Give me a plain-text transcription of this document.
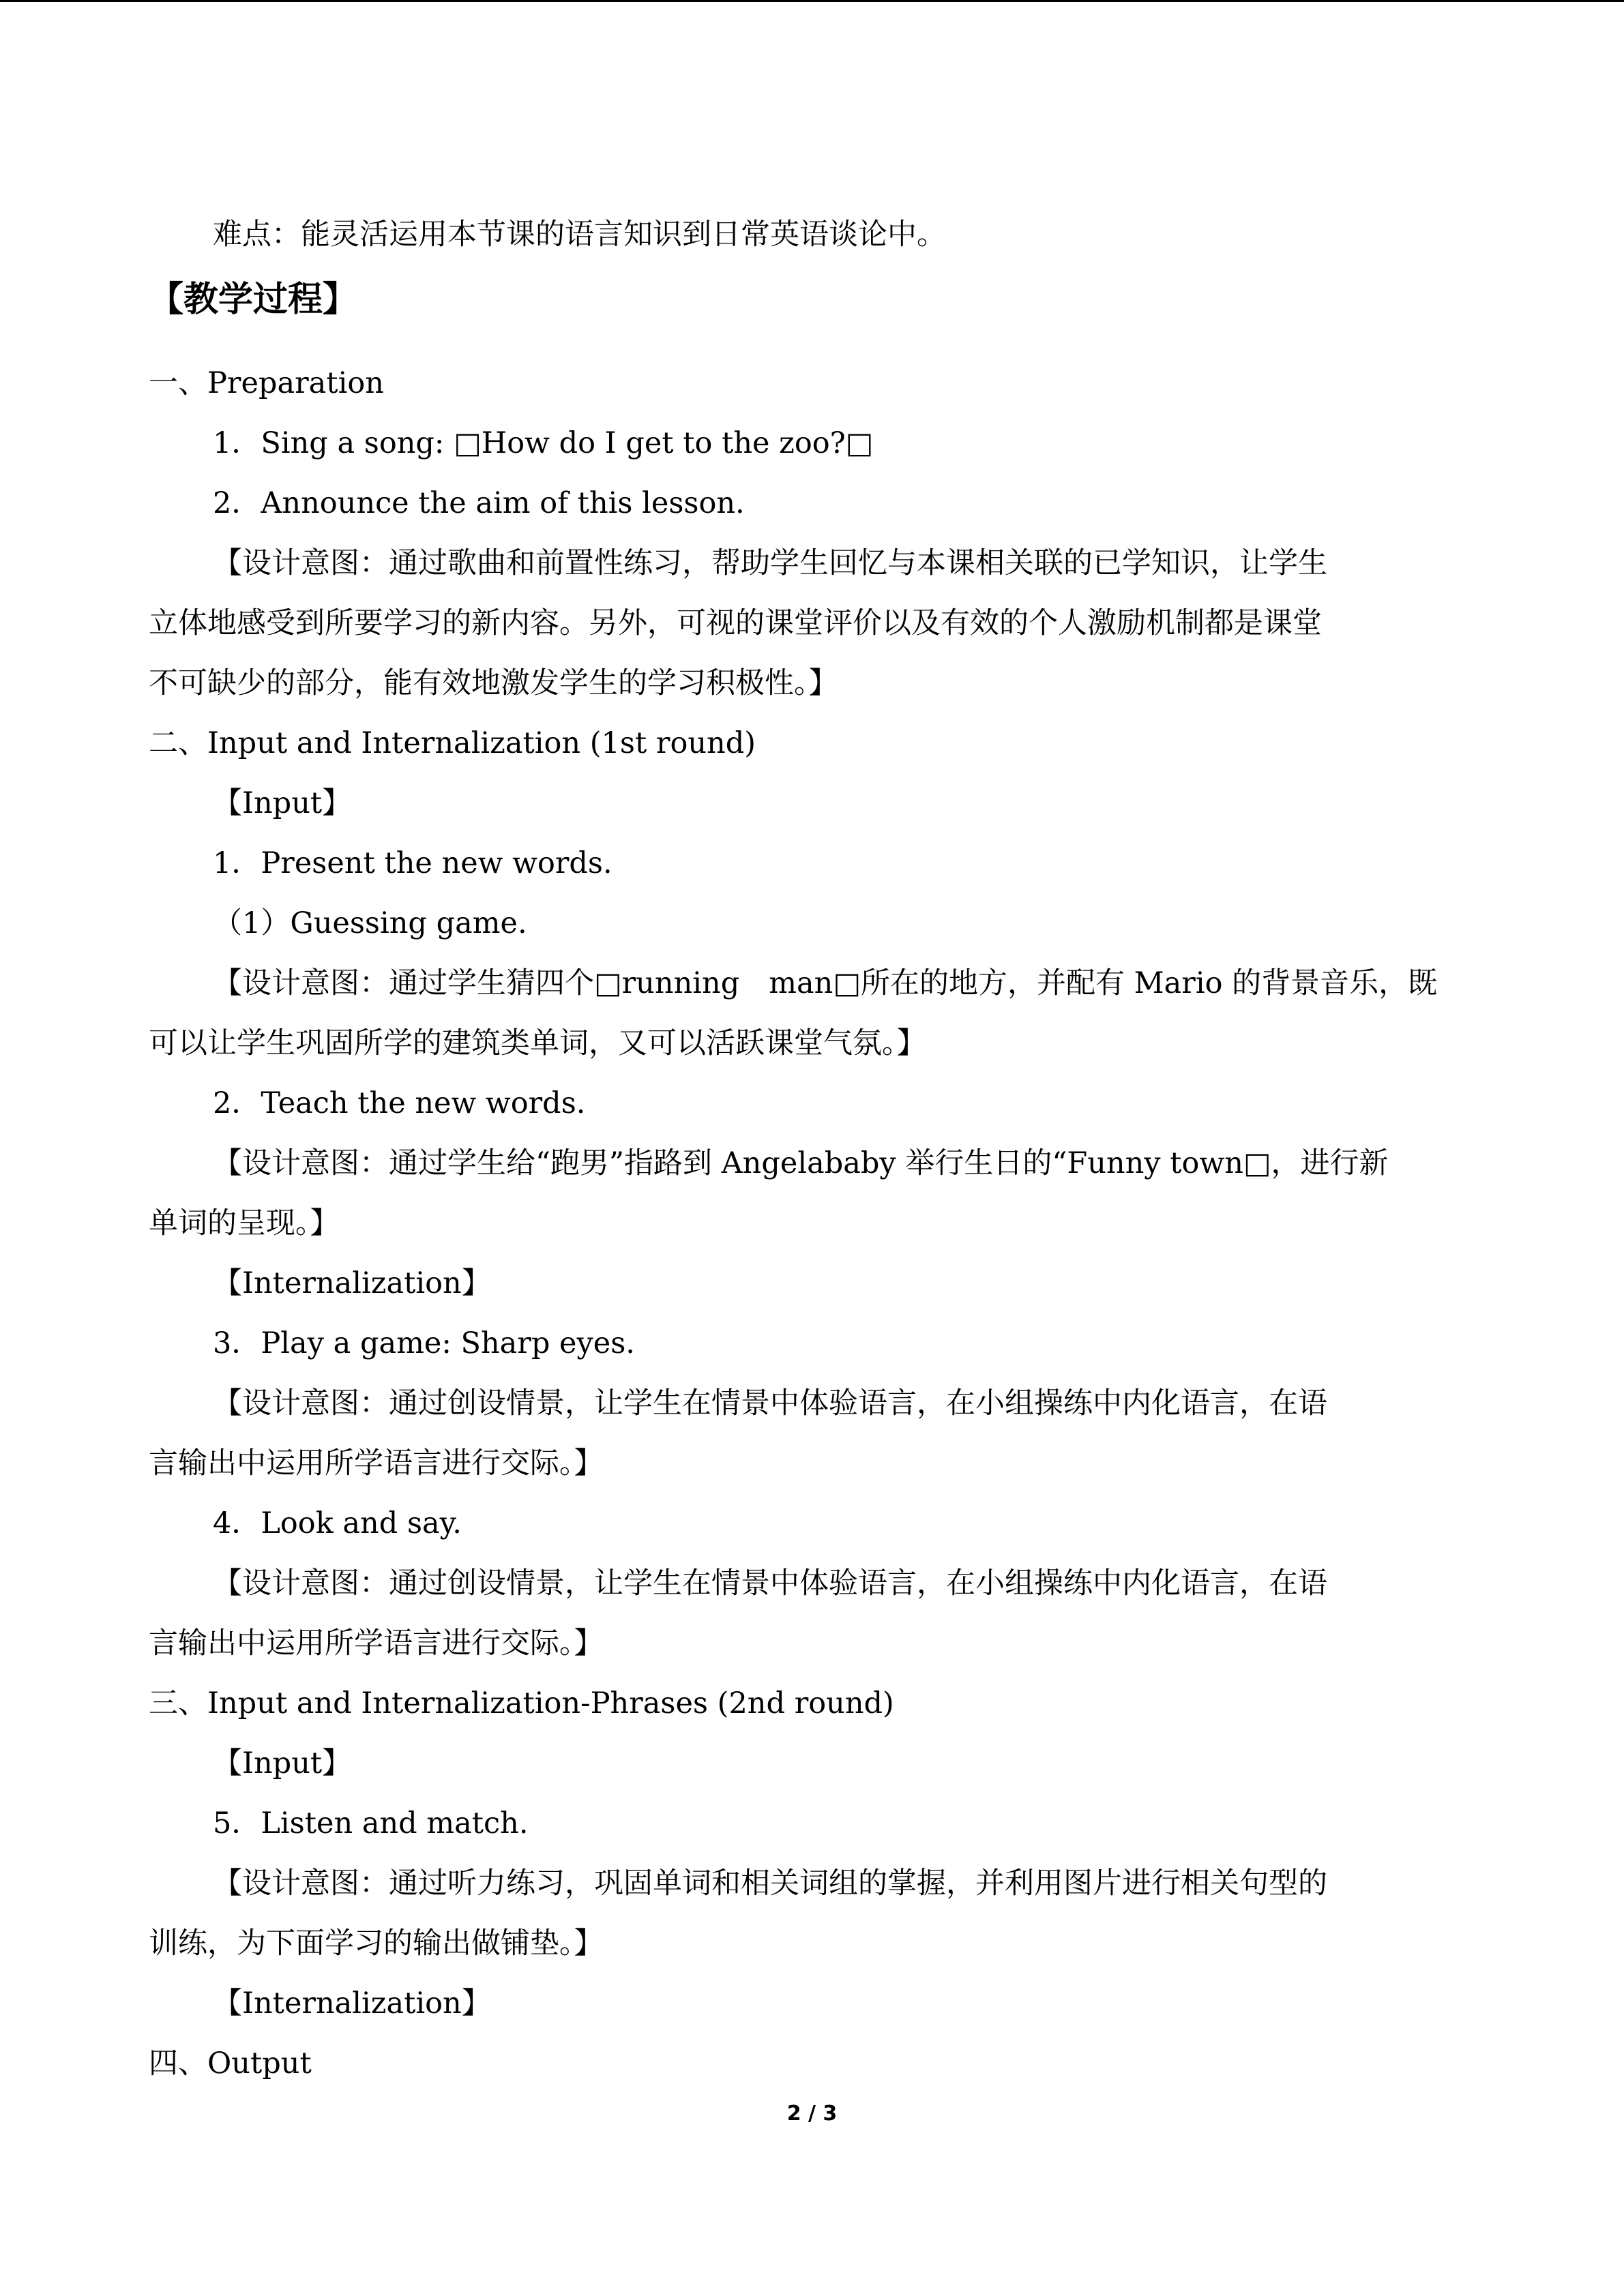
难点：能灵活运用本节课的语言知识到日常英语谈论中。
【教学过程】
一、Preparation
1．Sing a song: □How do I get to the zoo?□
2．Announce the aim of this lesson.
【设计意图：通过歌曲和前置性练习，帮助学生回忆与本课相关联的已学知识，让学生
立体地感受到所要学习的新内容。另外，可视的课堂评价以及有效的个人激励机制都是课堂
不可缺少的部分，能有效地激发学生的学习积极性。】
二、Input and Internalization (1st round)
【Input】
1．Present the new words.
（1）Guessing game.
【设计意图：通过学生猜四个□running　man□所在的地方，并配有 Mario 的背景音乐，既
可以让学生巩固所学的建筑类单词，又可以活跃课堂气氛。】
2．Teach the new words.
【设计意图：通过学生给“跑男”指路到 Angelababy 举行生日的“Funny town□，进行新
单词的呈现。】
【Internalization】
3．Play a game: Sharp eyes.
【设计意图：通过创设情景，让学生在情景中体验语言，在小组操练中内化语言，在语
言输出中运用所学语言进行交际。】
4．Look and say.
【设计意图：通过创设情景，让学生在情景中体验语言，在小组操练中内化语言，在语
言输出中运用所学语言进行交际。】
三、Input and Internalization-Phrases (2nd round)
【Input】
5．Listen and match.
【设计意图：通过听力练习，巩固单词和相关词组的掌握，并利用图片进行相关句型的
训练，为下面学习的输出做铺垫。】
【Internalization】
四、Output
2 / 3
